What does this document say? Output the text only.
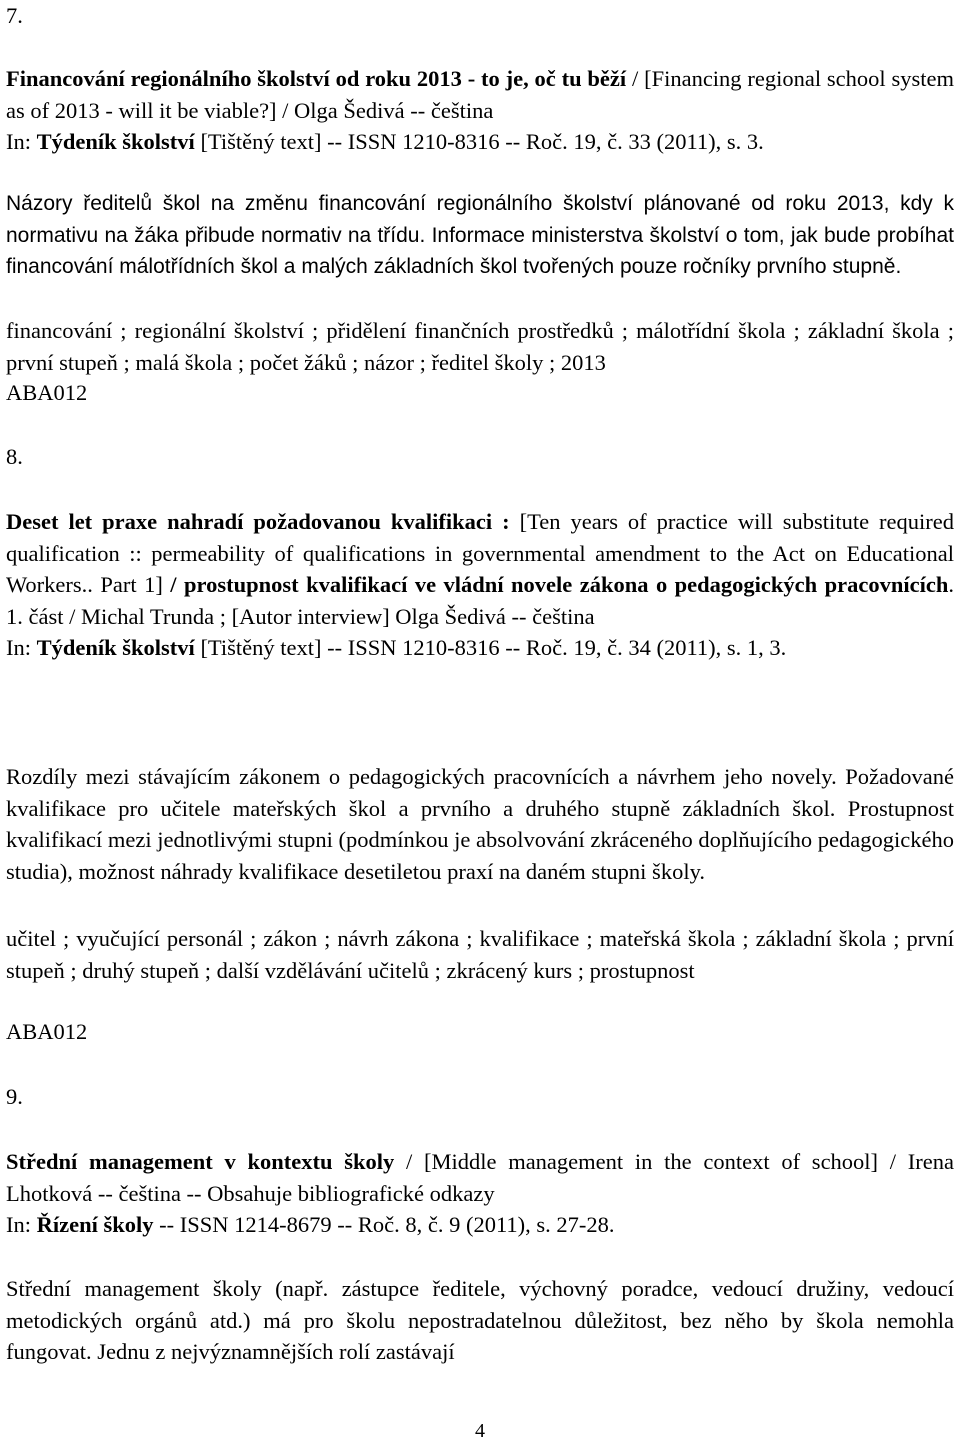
7.
Financování regionálního školství od roku 2013 - to je, oč tu běží / [Financing regional school system as of 2013 - will it be viable?] / Olga Šedivá -- čeština
In: Týdeník školství [Tištěný text] -- ISSN 1210-8316 -- Roč. 19, č. 33 (2011), s. 3.
Názory ředitelů škol na změnu financování regionálního školství plánované od roku 2013, kdy k normativu na žáka přibude normativ na třídu. Informace ministerstva školství o tom, jak bude probíhat financování málotřídních škol a malých základních škol tvořených pouze ročníky prvního stupně.
financování ; regionální školství ; přidělení finančních prostředků ; málotřídní škola ; základní škola ; první stupeň ; malá škola ; počet žáků ; názor ; ředitel školy ; 2013
ABA012
8.
Deset let praxe nahradí požadovanou kvalifikaci : [Ten years of practice will substitute required qualification :: permeability of qualifications in governmental amendment to the Act on Educational Workers.. Part 1] / prostupnost kvalifikací ve vládní novele zákona o pedagogických pracovnících. 1. část / Michal Trunda ; [Autor interview] Olga Šedivá -- čeština
In: Týdeník školství [Tištěný text] -- ISSN 1210-8316 -- Roč. 19, č. 34 (2011), s. 1, 3.
Rozdíly mezi stávajícím zákonem o pedagogických pracovnících a návrhem jeho novely. Požadované kvalifikace pro učitele mateřských škol a prvního a druhého stupně základních škol. Prostupnost kvalifikací mezi jednotlivými stupni (podmínkou je absolvování zkráceného doplňujícího pedagogického studia), možnost náhrady kvalifikace desetiletou praxí na daném stupni školy.
učitel ; vyučující personál ; zákon ; návrh zákona ; kvalifikace ; mateřská škola ; základní škola ; první stupeň ; druhý stupeň ; další vzdělávání učitelů ; zkrácený kurs ; prostupnost
ABA012
9.
Střední management v kontextu školy / [Middle management in the context of school] / Irena Lhotková -- čeština -- Obsahuje bibliografické odkazy
In: Řízení školy -- ISSN 1214-8679 -- Roč. 8, č. 9 (2011), s. 27-28.
Střední management školy (např. zástupce ředitele, výchovný poradce, vedoucí družiny, vedoucí metodických orgánů atd.) má pro školu nepostradatelnou důležitost, bez něho by škola nemohla fungovat. Jednu z nejvýznamnějších rolí zastávají
4
